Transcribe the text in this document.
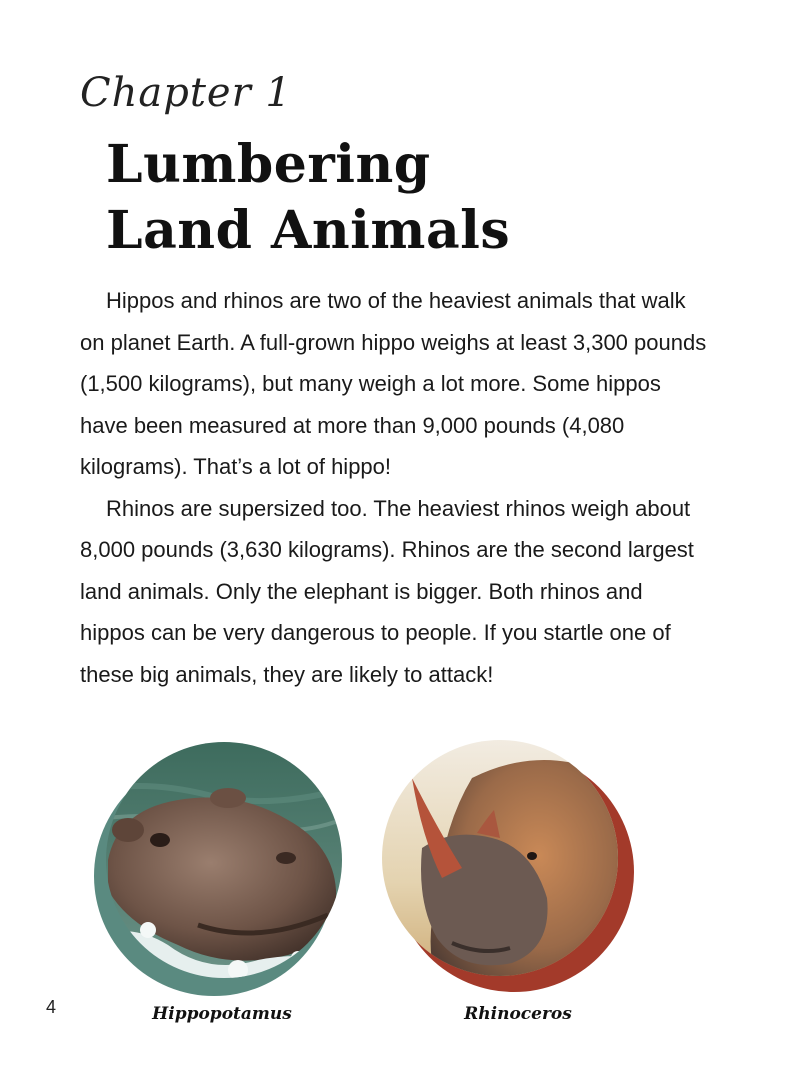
Chapter 1
Lumbering
Land Animals

Hippos and rhinos are two of the heaviest animals that walk on planet Earth. A full-grown hippo weighs at least 3,300 pounds (1,500 kilograms), but many weigh a lot more. Some hippos have been measured at more than 9,000 pounds (4,080 kilograms). That’s a lot of hippo!

Rhinos are supersized too. The heaviest rhinos weigh about 8,000 pounds (3,630 kilograms). Rhinos are the second largest land animals. Only the elephant is bigger. Both rhinos and hippos can be very dangerous to people. If you startle one of these big animals, they are likely to attack!

Hippopotamus	Rhinoceros
4
